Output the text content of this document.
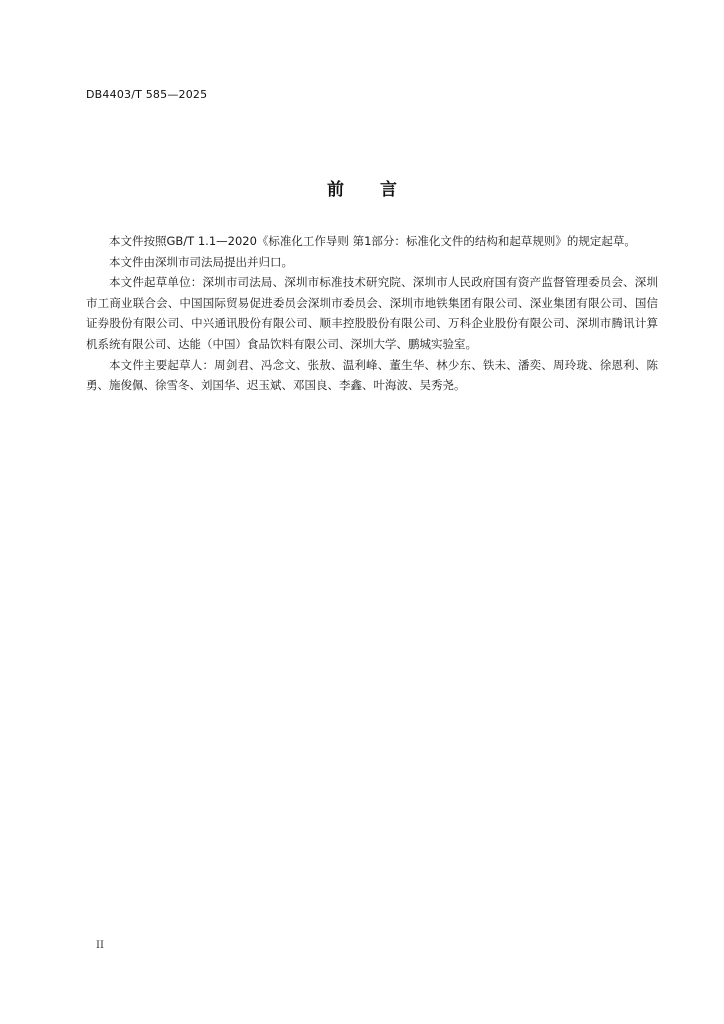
DB4403/T 585—2025
前言

本文件按照GB/T 1.1—2020《标准化工作导则 第1部分：标准化文件的结构和起草规则》的规定起草。

本文件由深圳市司法局提出并归口。

本文件起草单位：深圳市司法局、深圳市标准技术研究院、深圳市人民政府国有资产监督管理委员会、深圳市工商业联合会、中国国际贸易促进委员会深圳市委员会、深圳市地铁集团有限公司、深业集团有限公司、国信证券股份有限公司、中兴通讯股份有限公司、顺丰控股股份有限公司、万科企业股份有限公司、深圳市腾讯计算机系统有限公司、达能（中国）食品饮料有限公司、深圳大学、鹏城实验室。

本文件主要起草人：周剑君、冯念文、张敖、温利峰、董生华、林少东、铁未、潘奕、周玲珑、徐恩利、陈勇、施俊佩、徐雪冬、刘国华、迟玉斌、邓国良、李鑫、叶海波、吴秀尧。

II
